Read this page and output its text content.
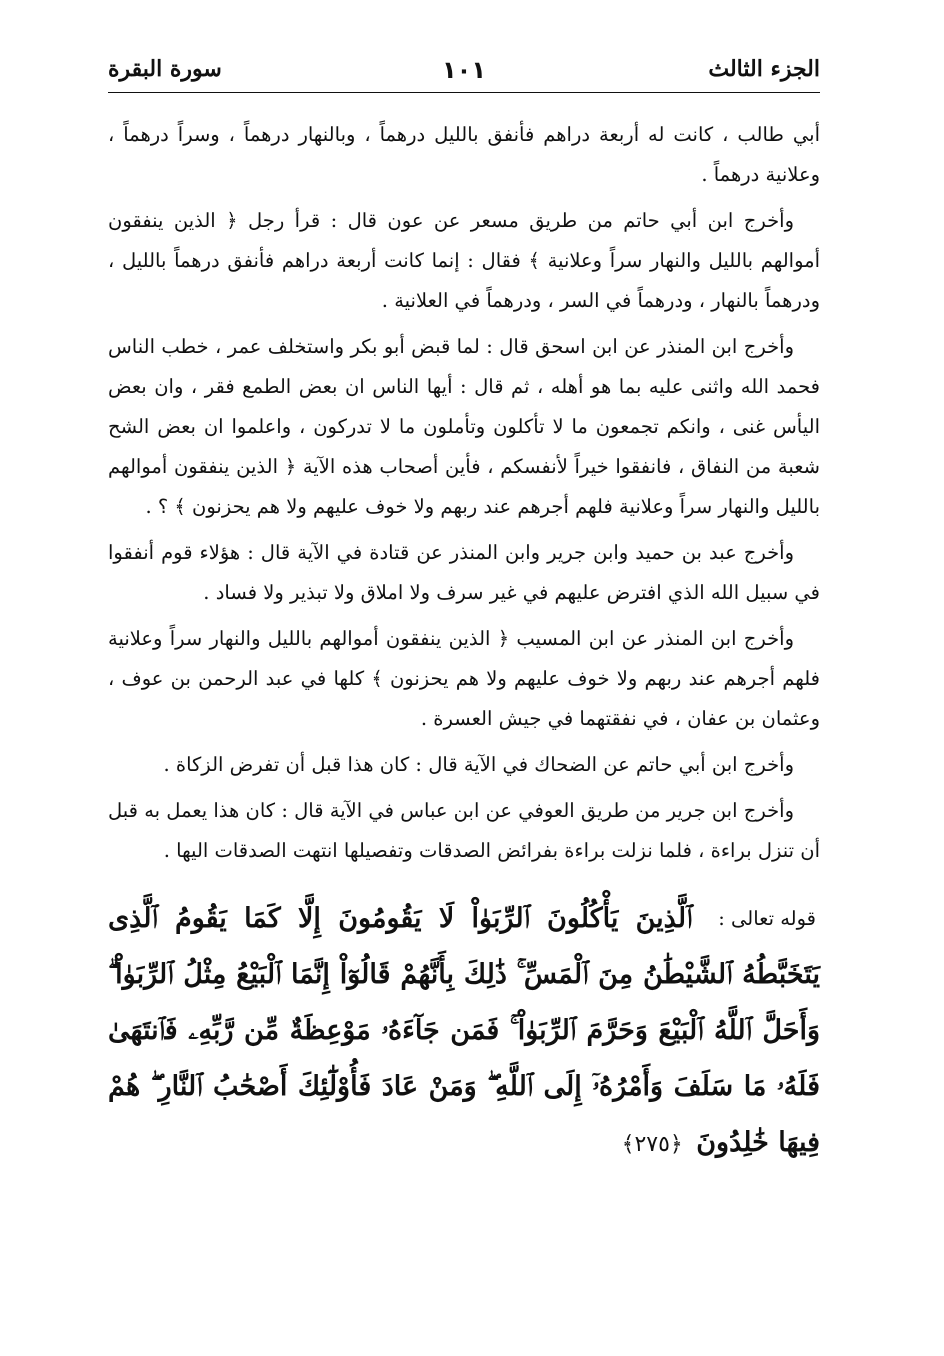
الجزء الثالث
١٠١
سورة البقرة

أبي طالب ، كانت له أربعة دراهم فأنفق بالليل درهماً ، وبالنهار درهماً ، وسراً درهماً ، وعلانية درهماً .

وأخرج ابن أبي حاتم من طريق مسعر عن عون قال : قرأ رجل ﴿ الذين ينفقون أموالهم بالليل والنهار سراً وعلانية ﴾ فقال : إنما كانت أربعة دراهم فأنفق درهماً بالليل ، ودرهماً بالنهار ، ودرهماً في السر ، ودرهماً في العلانية .

وأخرج ابن المنذر عن ابن اسحق قال : لما قبض أبو بكر واستخلف عمر ، خطب الناس فحمد الله واثنى عليه بما هو أهله ، ثم قال : أيها الناس ان بعض الطمع فقر ، وان بعض اليأس غنى ، وانكم تجمعون ما لا تأكلون وتأملون ما لا تدركون ، واعلموا ان بعض الشح شعبة من النفاق ، فانفقوا خيراً لأنفسكم ، فأين أصحاب هذه الآية ﴿ الذين ينفقون أموالهم بالليل والنهار سراً وعلانية فلهم أجرهم عند ربهم ولا خوف عليهم ولا هم يحزنون ﴾ ؟ .

وأخرج عبد بن حميد وابن جرير وابن المنذر عن قتادة في الآية قال : هؤلاء قوم أنفقوا في سبيل الله الذي افترض عليهم في غير سرف ولا املاق ولا تبذير ولا فساد .

وأخرج ابن المنذر عن ابن المسيب ﴿ الذين ينفقون أموالهم بالليل والنهار سراً وعلانية فلهم أجرهم عند ربهم ولا خوف عليهم ولا هم يحزنون ﴾ كلها في عبد الرحمن بن عوف ، وعثمان بن عفان ، في نفقتهما في جيش العسرة .

وأخرج ابن أبي حاتم عن الضحاك في الآية قال : كان هذا قبل أن تفرض الزكاة .

وأخرج ابن جرير من طريق العوفي عن ابن عباس في الآية قال : كان هذا يعمل به قبل أن تنزل براءة ، فلما نزلت براءة بفرائض الصدقات وتفصيلها انتهت الصدقات اليها .

قوله تعالى :
ٱلَّذِينَ يَأْكُلُونَ ٱلرِّبَوٰاْ لَا يَقُومُونَ إِلَّا كَمَا يَقُومُ ٱلَّذِى يَتَخَبَّطُهُ ٱلشَّيْطَٰنُ مِنَ ٱلْمَسِّ ۚ ذَٰلِكَ بِأَنَّهُمْ قَالُوٓاْ إِنَّمَا ٱلْبَيْعُ مِثْلُ ٱلرِّبَوٰاْ ۗ وَأَحَلَّ ٱللَّهُ ٱلْبَيْعَ وَحَرَّمَ ٱلرِّبَوٰاْ ۚ فَمَن جَآءَهُۥ مَوْعِظَةٌ مِّن رَّبِّهِۦ فَٱنتَهَىٰ فَلَهُۥ مَا سَلَفَ وَأَمْرُهُۥٓ إِلَى ٱللَّهِ ۖ وَمَنْ عَادَ فَأُوْلَٰٓئِكَ أَصْحَٰبُ ٱلنَّارِ ۖ هُمْ فِيهَا خَٰلِدُونَ ﴿٢٧٥﴾
